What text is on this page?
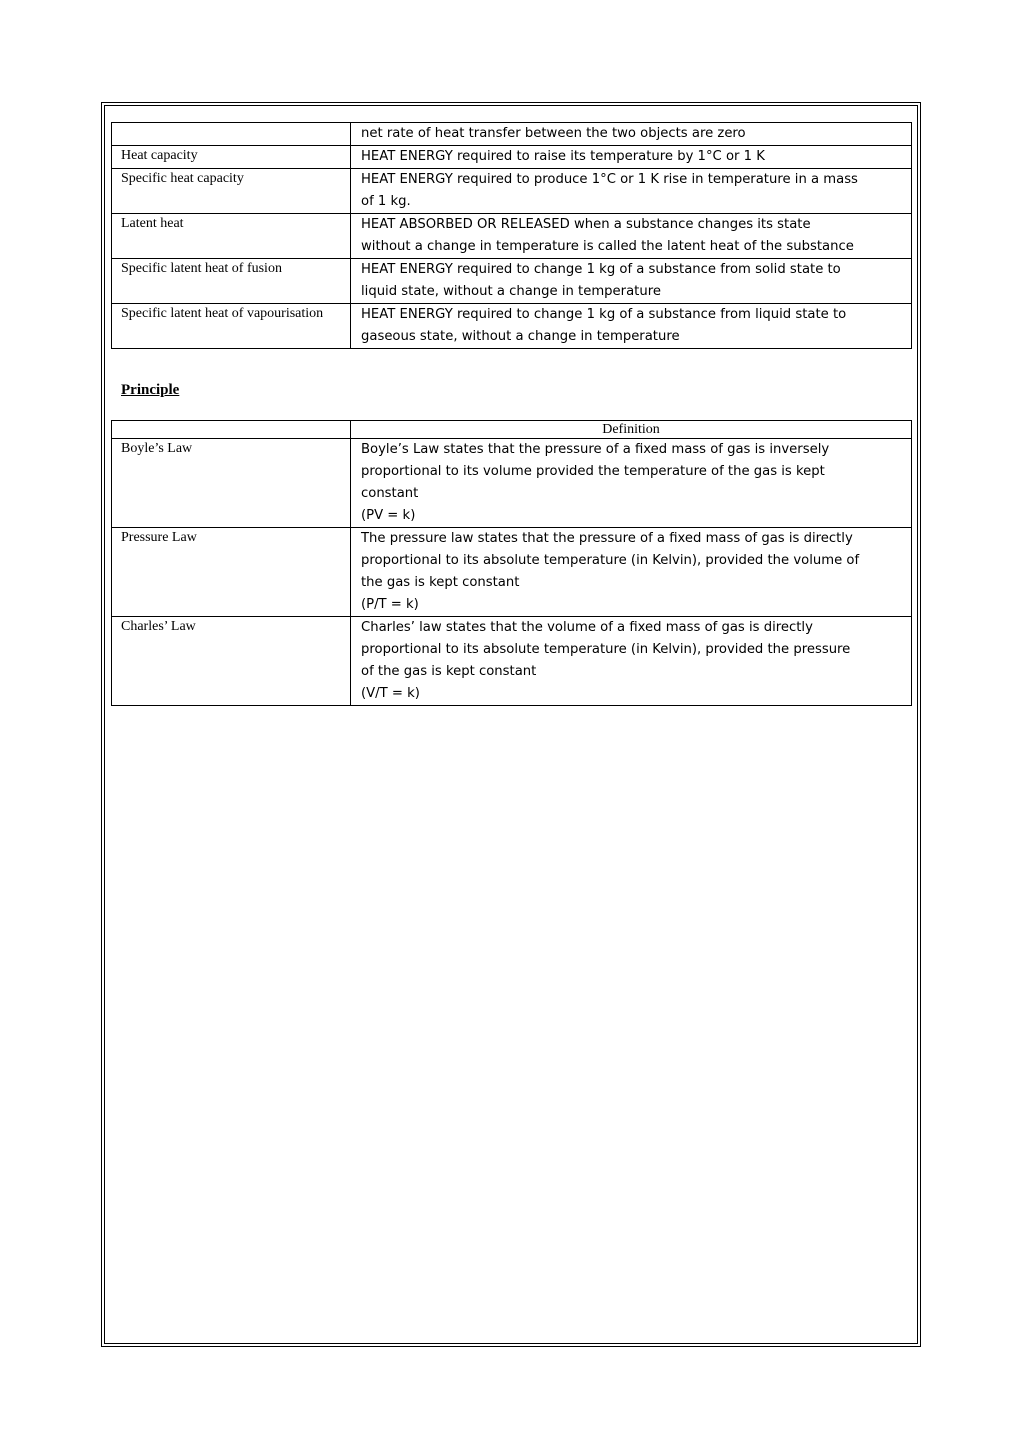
	net rate of heat transfer between the two objects are zero
Heat capacity	HEAT ENERGY required to raise its temperature by 1°C or 1 K
Specific heat capacity	HEAT ENERGY required to produce 1°C or 1 K rise in temperature in a mass
of 1 kg.
Latent heat	HEAT ABSORBED OR RELEASED when a substance changes its state
without a change in temperature is called the latent heat of the substance
Specific latent heat of fusion	HEAT ENERGY required to change 1 kg of a substance from solid state to
liquid state, without a change in temperature
Specific latent heat of vapourisation	HEAT ENERGY required to change 1 kg of a substance from liquid state to
gaseous state, without a change in temperature
Principle
	Definition
Boyle’s Law	Boyle’s Law states that the pressure of a fixed mass of gas is inversely
proportional to its volume provided the temperature of the gas is kept
constant
(PV = k)
Pressure Law	The pressure law states that the pressure of a fixed mass of gas is directly
proportional to its absolute temperature (in Kelvin), provided the volume of
the gas is kept constant
(P/T = k)
Charles’ Law	Charles’ law states that the volume of a fixed mass of gas is directly
proportional to its absolute temperature (in Kelvin), provided the pressure
of the gas is kept constant
(V/T = k)
